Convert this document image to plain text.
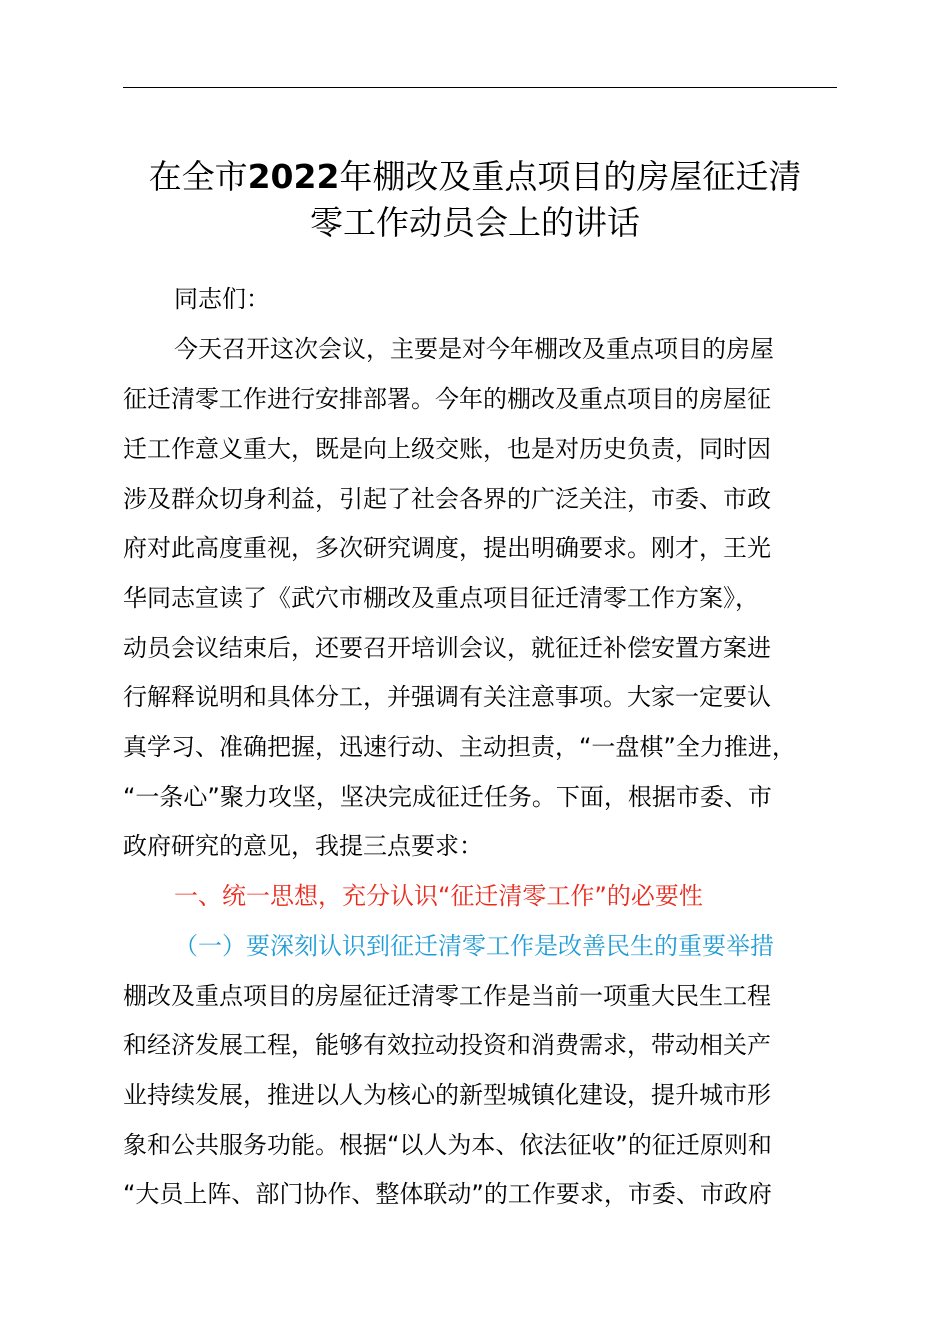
在全市2022年棚改及重点项目的房屋征迁清
零工作动员会上的讲话

同志们：

今天召开这次会议，主要是对今年棚改及重点项目的房屋

征迁清零工作进行安排部署。今年的棚改及重点项目的房屋征

迁工作意义重大，既是向上级交账，也是对历史负责，同时因

涉及群众切身利益，引起了社会各界的广泛关注，市委、市政

府对此高度重视，多次研究调度，提出明确要求。刚才，王光

华同志宣读了《武穴市棚改及重点项目征迁清零工作方案》，

动员会议结束后，还要召开培训会议，就征迁补偿安置方案进

行解释说明和具体分工，并强调有关注意事项。大家一定要认

真学习、准确把握，迅速行动、主动担责，“一盘棋”全力推进，

“一条心”聚力攻坚，坚决完成征迁任务。下面，根据市委、市

政府研究的意见，我提三点要求：

一、统一思想，充分认识“征迁清零工作”的必要性

（一）要深刻认识到征迁清零工作是改善民生的重要举措

棚改及重点项目的房屋征迁清零工作是当前一项重大民生工程

和经济发展工程，能够有效拉动投资和消费需求，带动相关产

业持续发展，推进以人为核心的新型城镇化建设，提升城市形

象和公共服务功能。根据“以人为本、依法征收”的征迁原则和

“大员上阵、部门协作、整体联动”的工作要求，市委、市政府
